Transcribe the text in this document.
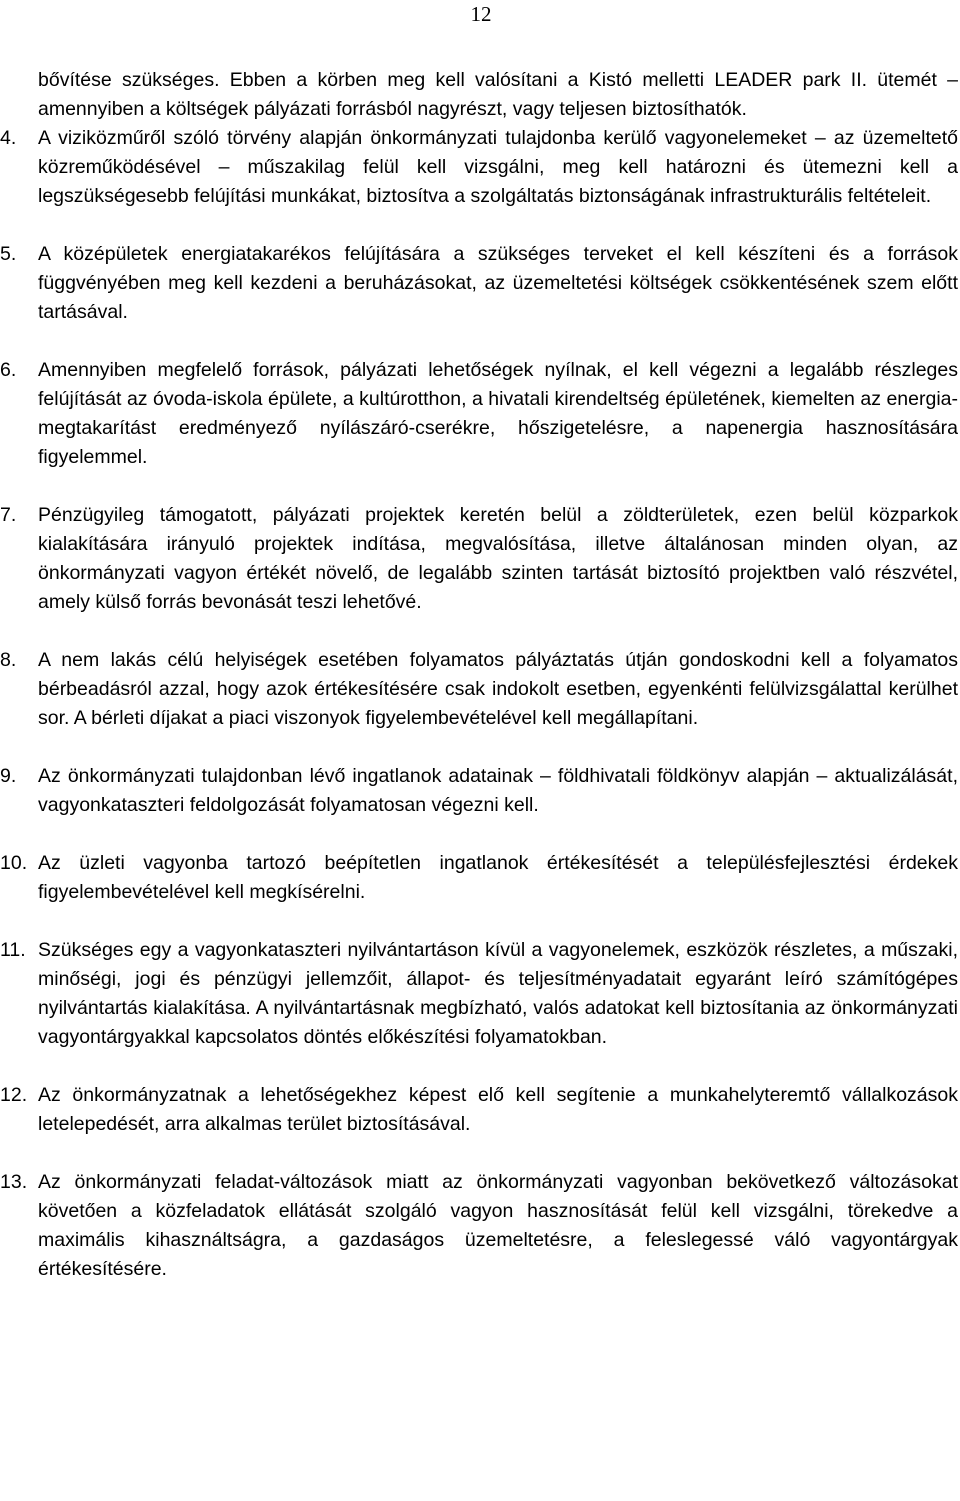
12

bővítése szükséges. Ebben a körben meg kell valósítani a Kistó melletti LEADER park II. ütemét – amennyiben a költségek pályázati forrásból nagyrészt, vagy teljesen biztosíthatók.

4. A viziközműről szóló törvény alapján önkormányzati tulajdonba kerülő vagyonelemeket – az üzemeltető közreműködésével – műszakilag felül kell vizsgálni, meg kell határozni és ütemezni kell a legszükségesebb felújítási munkákat, biztosítva a szolgáltatás biztonságának infrastrukturális feltételeit.

5. A középületek energiatakarékos felújítására a szükséges terveket el kell készíteni és a források függvényében meg kell kezdeni a beruházásokat, az üzemeltetési költségek csökkentésének szem előtt tartásával.

6. Amennyiben megfelelő források, pályázati lehetőségek nyílnak, el kell végezni a legalább részleges felújítását az óvoda-iskola épülete, a kultúrotthon, a hivatali kirendeltség épületének, kiemelten az energia-megtakarítást eredményező nyílászáró-cserékre, hőszigetelésre, a napenergia hasznosítására figyelemmel.

7. Pénzügyileg támogatott, pályázati projektek keretén belül a zöldterületek, ezen belül közparkok kialakítására irányuló projektek indítása, megvalósítása, illetve általánosan minden olyan, az önkormányzati vagyon értékét növelő, de legalább szinten tartását biztosító projektben való részvétel, amely külső forrás bevonását teszi lehetővé.

8. A nem lakás célú helyiségek esetében folyamatos pályáztatás útján gondoskodni kell a folyamatos bérbeadásról azzal, hogy azok értékesítésére csak indokolt esetben, egyenkénti felülvizsgálattal kerülhet sor. A bérleti díjakat a piaci viszonyok figyelembevételével kell megállapítani.

9. Az önkormányzati tulajdonban lévő ingatlanok adatainak – földhivatali földkönyv alapján – aktualizálását, vagyonkataszteri feldolgozását folyamatosan végezni kell.

10. Az üzleti vagyonba tartozó beépítetlen ingatlanok értékesítését a településfejlesztési érdekek figyelembevételével kell megkísérelni.

11. Szükséges egy a vagyonkataszteri nyilvántartáson kívül a vagyonelemek, eszközök részletes, a műszaki, minőségi, jogi és pénzügyi jellemzőit, állapot- és teljesítményadatait egyaránt leíró számítógépes nyilvántartás kialakítása. A nyilvántartásnak megbízható, valós adatokat kell biztosítania az önkormányzati vagyontárgyakkal kapcsolatos döntés előkészítési folyamatokban.

12. Az önkormányzatnak a lehetőségekhez képest elő kell segítenie a munkahelyteremtő vállalkozások letelepedését, arra alkalmas terület biztosításával.

13. Az önkormányzati feladat-változások miatt az önkormányzati vagyonban bekövetkező változásokat követően a közfeladatok ellátását szolgáló vagyon hasznosítását felül kell vizsgálni, törekedve a maximális kihasználtságra, a gazdaságos üzemeltetésre, a feleslegessé váló vagyontárgyak értékesítésére.
